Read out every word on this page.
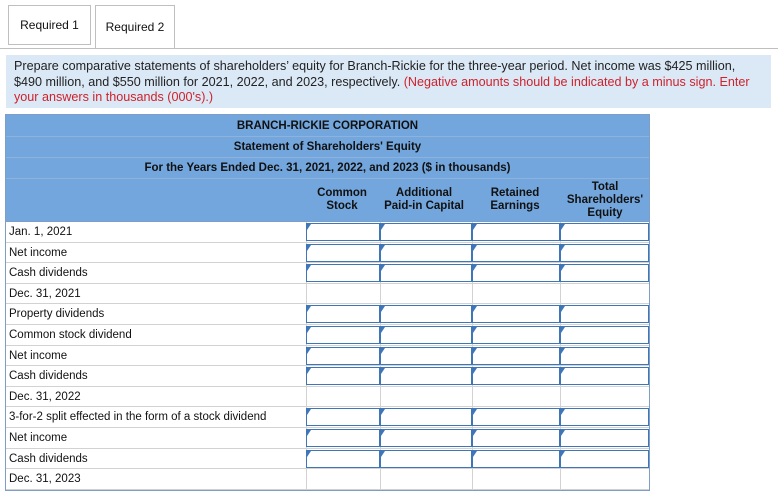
Required 1	Required 2
Prepare comparative statements of shareholders’ equity for Branch-Rickie for the three-year period. Net income was $425 million, $490 million, and $550 million for 2021, 2022, and 2023, respectively. (Negative amounts should be indicated by a minus sign. Enter your answers in thousands (000's).)
BRANCH-RICKIE CORPORATION
Statement of Shareholders' Equity
For the Years Ended Dec. 31, 2021, 2022, and 2023 ($ in thousands)
Common Stock
Additional Paid-in Capital
Retained Earnings
Total Shareholders' Equity
Jan. 1, 2021
Net income
Cash dividends
Dec. 31, 2021
Property dividends
Common stock dividend
Net income
Cash dividends
Dec. 31, 2022
3-for-2 split effected in the form of a stock dividend
Net income
Cash dividends
Dec. 31, 2023
